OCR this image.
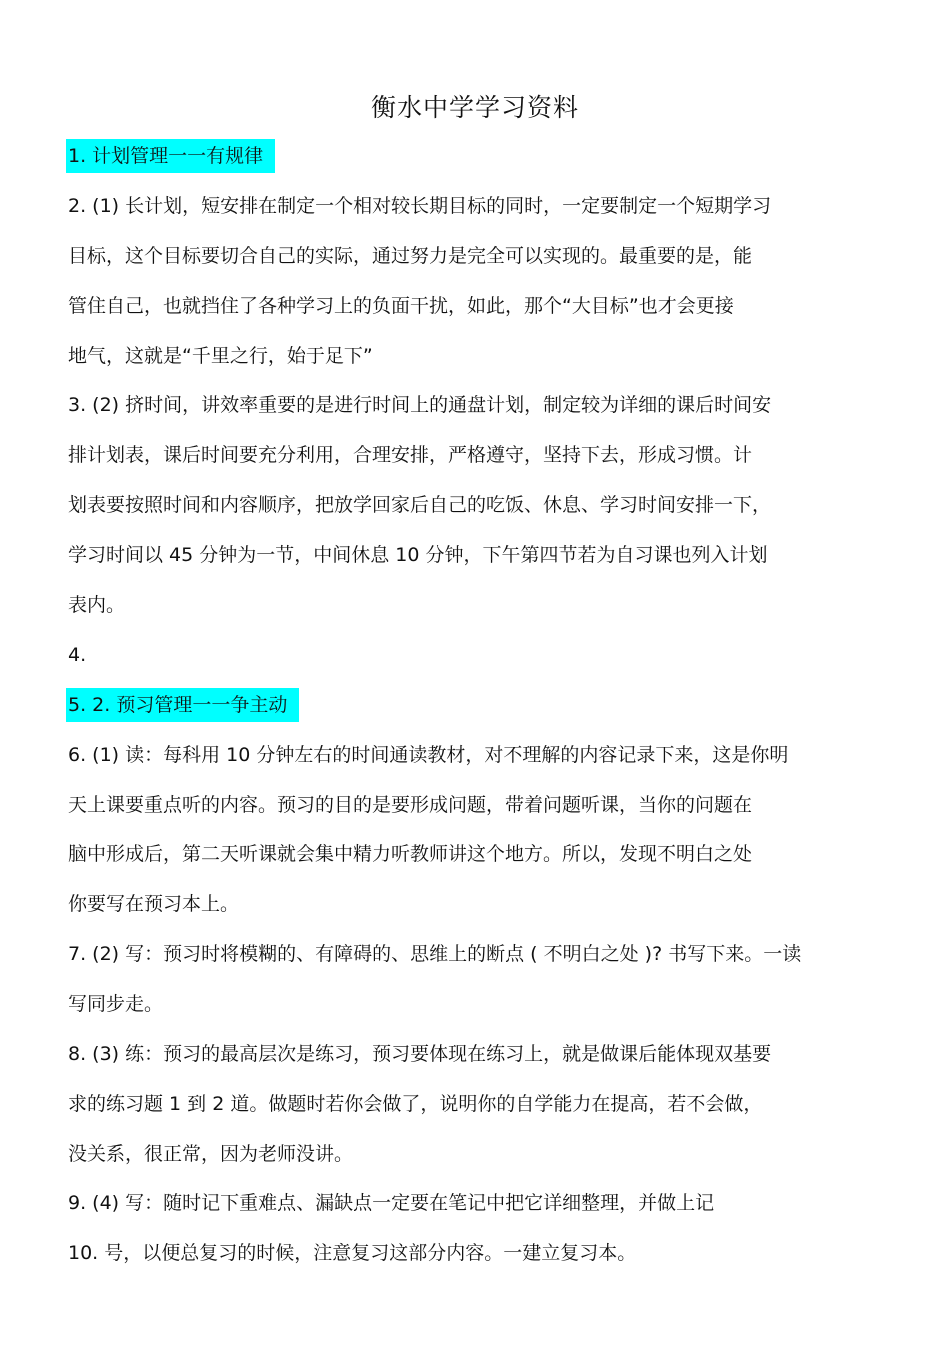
衡水中学学习资料
1. 计划管理一一有规律
2. (1) 长计划，短安排在制定一个相对较长期目标的同时，一定要制定一个短期学习
目标，这个目标要切合自己的实际，通过努力是完全可以实现的。最重要的是，能
管住自己，也就挡住了各种学习上的负面干扰，如此，那个“大目标”也才会更接
地气，这就是“千里之行，始于足下”
3. (2) 挤时间，讲效率重要的是进行时间上的通盘计划，制定较为详细的课后时间安
排计划表，课后时间要充分利用，合理安排，严格遵守，坚持下去，形成习惯。计
划表要按照时间和内容顺序，把放学回家后自己的吃饭、休息、学习时间安排一下，
学习时间以 45 分钟为一节，中间休息 10 分钟，下午第四节若为自习课也列入计划
表内。
4.
5. 2. 预习管理一一争主动
6. (1) 读：每科用 10 分钟左右的时间通读教材，对不理解的内容记录下来，这是你明
天上课要重点听的内容。预习的目的是要形成问题，带着问题听课，当你的问题在
脑中形成后，第二天听课就会集中精力听教师讲这个地方。所以，发现不明白之处
你要写在预习本上。
7. (2) 写：预习时将模糊的、有障碍的、思维上的断点 ( 不明白之处 )? 书写下来。一读
写同步走。
8. (3) 练：预习的最高层次是练习，预习要体现在练习上，就是做课后能体现双基要
求的练习题 1 到 2 道。做题时若你会做了，说明你的自学能力在提高，若不会做，
没关系，很正常，因为老师没讲。
9. (4) 写：随时记下重难点、漏缺点一定要在笔记中把它详细整理，并做上记
10. 号，以便总复习的时候，注意复习这部分内容。一建立复习本。
